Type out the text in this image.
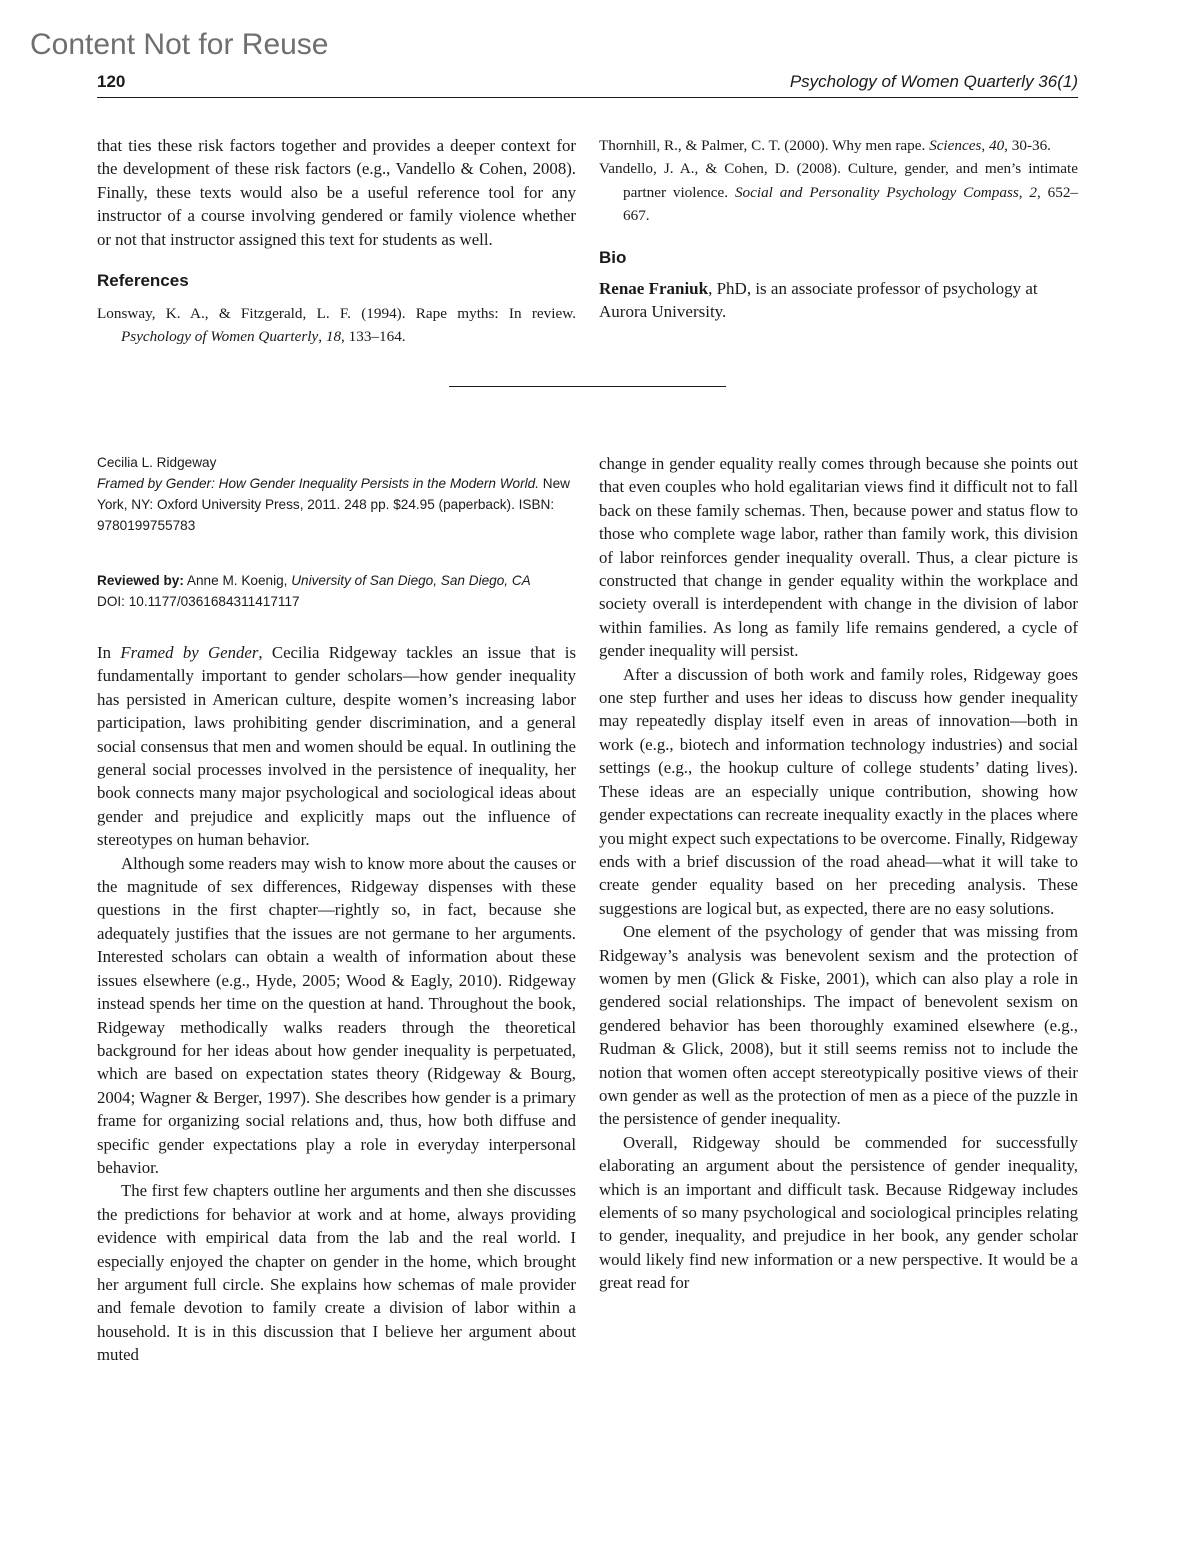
Content Not for Reuse
120	Psychology of Women Quarterly 36(1)

that ties these risk factors together and provides a deeper context for the development of these risk factors (e.g., Vandello & Cohen, 2008). Finally, these texts would also be a useful reference tool for any instructor of a course involving gendered or family violence whether or not that instructor assigned this text for students as well.

References

Lonsway, K. A., & Fitzgerald, L. F. (1994). Rape myths: In review. Psychology of Women Quarterly, 18, 133–164.

Thornhill, R., & Palmer, C. T. (2000). Why men rape. Sciences, 40, 30-36.

Vandello, J. A., & Cohen, D. (2008). Culture, gender, and men’s intimate partner violence. Social and Personality Psychology Compass, 2, 652–667.

Bio

Renae Franiuk, PhD, is an associate professor of psychology at Aurora University.

Cecilia L. Ridgeway

Framed by Gender: How Gender Inequality Persists in the Modern World. New York, NY: Oxford University Press, 2011. 248 pp. $24.95 (paperback). ISBN: 9780199755783

Reviewed by: Anne M. Koenig, University of San Diego, San Diego, CA

DOI: 10.1177/0361684311417117

In Framed by Gender, Cecilia Ridgeway tackles an issue that is fundamentally important to gender scholars—how gender inequality has persisted in American culture, despite women’s increasing labor participation, laws prohibiting gender discrimination, and a general social consensus that men and women should be equal. In outlining the general social processes involved in the persistence of inequality, her book connects many major psychological and sociological ideas about gender and prejudice and explicitly maps out the influence of stereotypes on human behavior.

Although some readers may wish to know more about the causes or the magnitude of sex differences, Ridgeway dispenses with these questions in the first chapter—rightly so, in fact, because she adequately justifies that the issues are not germane to her arguments. Interested scholars can obtain a wealth of information about these issues elsewhere (e.g., Hyde, 2005; Wood & Eagly, 2010). Ridgeway instead spends her time on the question at hand. Throughout the book, Ridgeway methodically walks readers through the theoretical background for her ideas about how gender inequality is perpetuated, which are based on expectation states theory (Ridgeway & Bourg, 2004; Wagner & Berger, 1997). She describes how gender is a primary frame for organizing social relations and, thus, how both diffuse and specific gender expectations play a role in everyday interpersonal behavior.

The first few chapters outline her arguments and then she discusses the predictions for behavior at work and at home, always providing evidence with empirical data from the lab and the real world. I especially enjoyed the chapter on gender in the home, which brought her argument full circle. She explains how schemas of male provider and female devotion to family create a division of labor within a household. It is in this discussion that I believe her argument about muted

change in gender equality really comes through because she points out that even couples who hold egalitarian views find it difficult not to fall back on these family schemas. Then, because power and status flow to those who complete wage labor, rather than family work, this division of labor reinforces gender inequality overall. Thus, a clear picture is constructed that change in gender equality within the workplace and society overall is interdependent with change in the division of labor within families. As long as family life remains gendered, a cycle of gender inequality will persist.

After a discussion of both work and family roles, Ridgeway goes one step further and uses her ideas to discuss how gender inequality may repeatedly display itself even in areas of innovation—both in work (e.g., biotech and information technology industries) and social settings (e.g., the hookup culture of college students’ dating lives). These ideas are an especially unique contribution, showing how gender expectations can recreate inequality exactly in the places where you might expect such expectations to be overcome. Finally, Ridgeway ends with a brief discussion of the road ahead—what it will take to create gender equality based on her preceding analysis. These suggestions are logical but, as expected, there are no easy solutions.

One element of the psychology of gender that was missing from Ridgeway’s analysis was benevolent sexism and the protection of women by men (Glick & Fiske, 2001), which can also play a role in gendered social relationships. The impact of benevolent sexism on gendered behavior has been thoroughly examined elsewhere (e.g., Rudman & Glick, 2008), but it still seems remiss not to include the notion that women often accept stereotypically positive views of their own gender as well as the protection of men as a piece of the puzzle in the persistence of gender inequality.

Overall, Ridgeway should be commended for successfully elaborating an argument about the persistence of gender inequality, which is an important and difficult task. Because Ridgeway includes elements of so many psychological and sociological principles relating to gender, inequality, and prejudice in her book, any gender scholar would likely find new information or a new perspective. It would be a great read for
